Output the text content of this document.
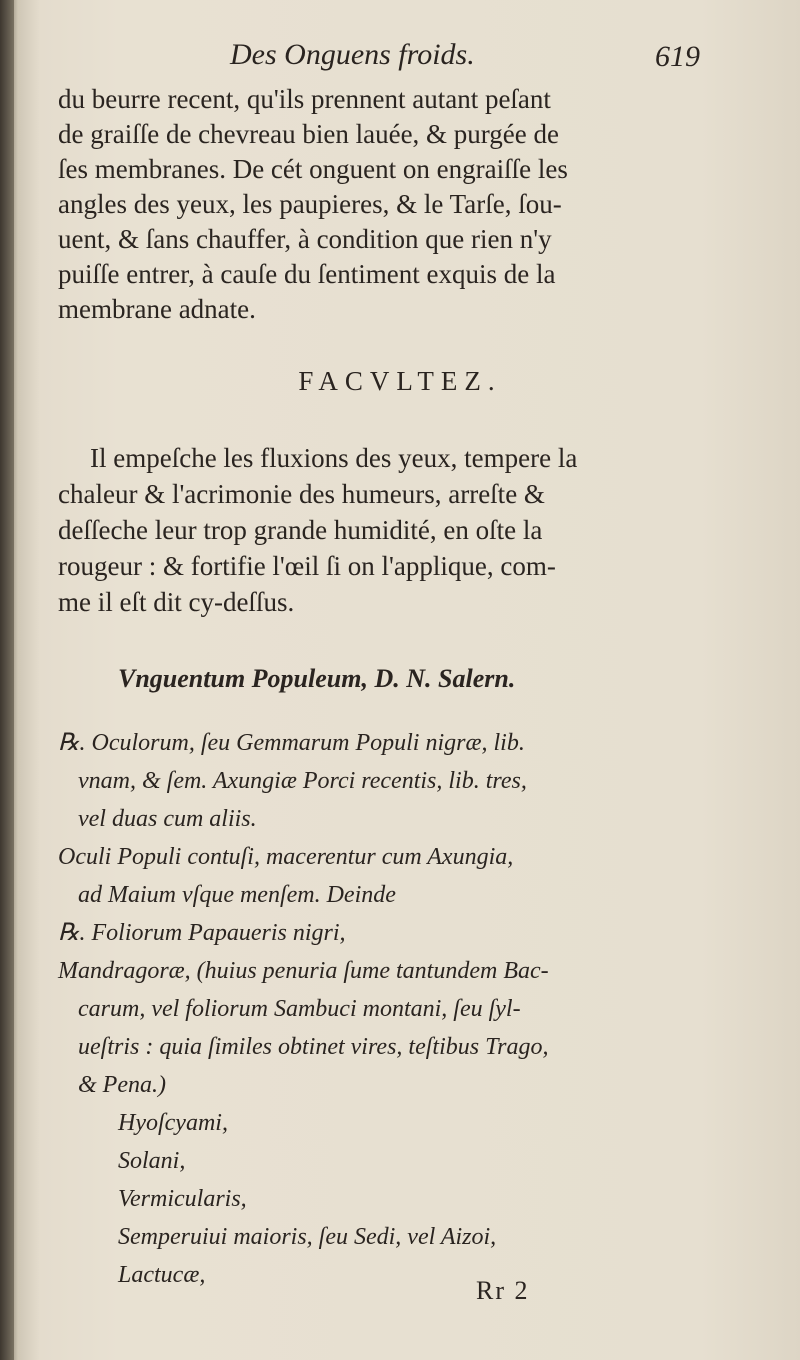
Des Onguens froids.	619

du beurre recent, qu'ils prennent autant peſant
de graiſſe de chevreau bien lauée, & purgée de
ſes membranes. De cét onguent on engraiſſe les
angles des yeux, les paupieres, & le Tarſe, ſou-
uent, & ſans chauffer, à condition que rien n'y
puiſſe entrer, à cauſe du ſentiment exquis de la
membrane adnate.

FACVLTEZ.

Il empeſche les fluxions des yeux, tempere la
chaleur & l'acrimonie des humeurs, arreſte &
deſſeche leur trop grande humidité, en oſte la
rougeur : & fortifie l'œil ſi on l'applique, com-
me il eſt dit cy-deſſus.

Vnguentum Populeum, D. N. Salern.
℞. Oculorum, ſeu Gemmarum Populi nigræ, lib.
vnam, & ſem. Axungiæ Porci recentis, lib. tres,
vel duas cum aliis.
Oculi Populi contuſi, macerentur cum Axungia,
ad Maium vſque menſem. Deinde
℞. Foliorum Papaueris nigri,
Mandragoræ, (huius penuria ſume tantundem Bac-
carum, vel foliorum Sambuci montani, ſeu ſyl-
ueſtris : quia ſimiles obtinet vires, teſtibus Trago,
& Pena.)
Hyoſcyami,
Solani,
Vermicularis,
Semperuiui maioris, ſeu Sedi, vel Aizoi,
Lactucæ,
Rr 2
